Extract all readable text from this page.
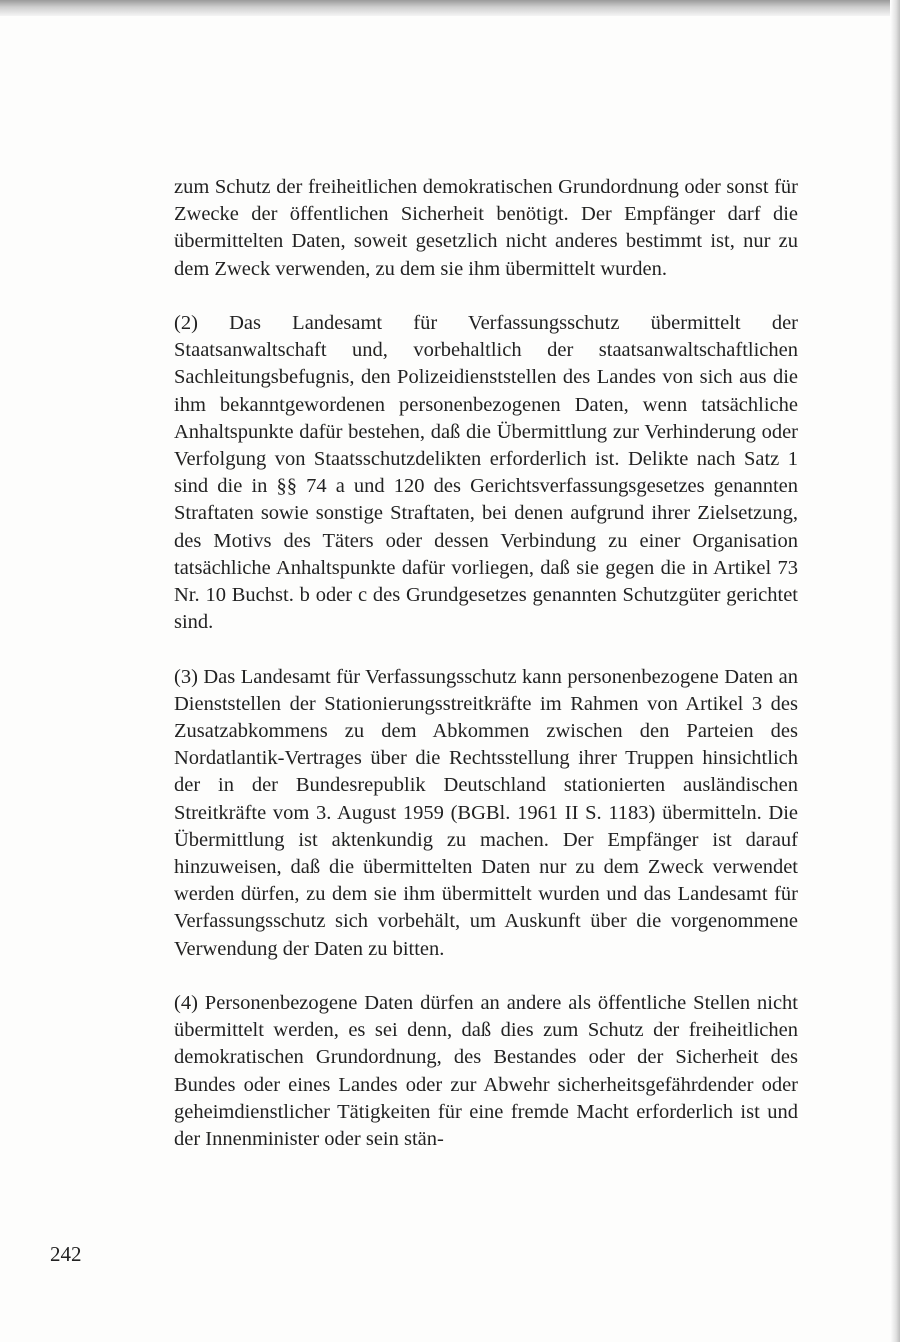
zum Schutz der freiheitlichen demokratischen Grundordnung oder sonst für Zwecke der öffentlichen Sicherheit benötigt. Der Empfänger darf die übermittelten Daten, soweit gesetzlich nicht anderes bestimmt ist, nur zu dem Zweck verwenden, zu dem sie ihm übermittelt wurden.

(2) Das Landesamt für Verfassungsschutz übermittelt der Staatsanwaltschaft und, vorbehaltlich der staatsanwaltschaftlichen Sachleitungsbefugnis, den Polizeidienststellen des Landes von sich aus die ihm bekanntgewordenen personenbezogenen Daten, wenn tatsächliche Anhaltspunkte dafür bestehen, daß die Übermittlung zur Verhinderung oder Verfolgung von Staatsschutzdelikten erforderlich ist. Delikte nach Satz 1 sind die in §§ 74 a und 120 des Gerichtsverfassungsgesetzes genannten Straftaten sowie sonstige Straftaten, bei denen aufgrund ihrer Zielsetzung, des Motivs des Täters oder dessen Verbindung zu einer Organisation tatsächliche Anhaltspunkte dafür vorliegen, daß sie gegen die in Artikel 73 Nr. 10 Buchst. b oder c des Grundgesetzes genannten Schutzgüter gerichtet sind.

(3) Das Landesamt für Verfassungsschutz kann personenbezogene Daten an Dienststellen der Stationierungsstreitkräfte im Rahmen von Artikel 3 des Zusatzabkommens zu dem Abkommen zwischen den Parteien des Nordatlantik-Vertrages über die Rechtsstellung ihrer Truppen hinsichtlich der in der Bundesrepublik Deutschland stationierten ausländischen Streitkräfte vom 3. August 1959 (BGBl. 1961 II S. 1183) übermitteln. Die Übermittlung ist aktenkundig zu machen. Der Empfänger ist darauf hinzuweisen, daß die übermittelten Daten nur zu dem Zweck verwendet werden dürfen, zu dem sie ihm übermittelt wurden und das Landesamt für Verfassungsschutz sich vorbehält, um Auskunft über die vorgenommene Verwendung der Daten zu bitten.

(4) Personenbezogene Daten dürfen an andere als öffentliche Stellen nicht übermittelt werden, es sei denn, daß dies zum Schutz der freiheitlichen demokratischen Grundordnung, des Bestandes oder der Sicherheit des Bundes oder eines Landes oder zur Abwehr sicherheitsgefährdender oder geheimdienstlicher Tätigkeiten für eine fremde Macht erforderlich ist und der Innenminister oder sein stän-

242
